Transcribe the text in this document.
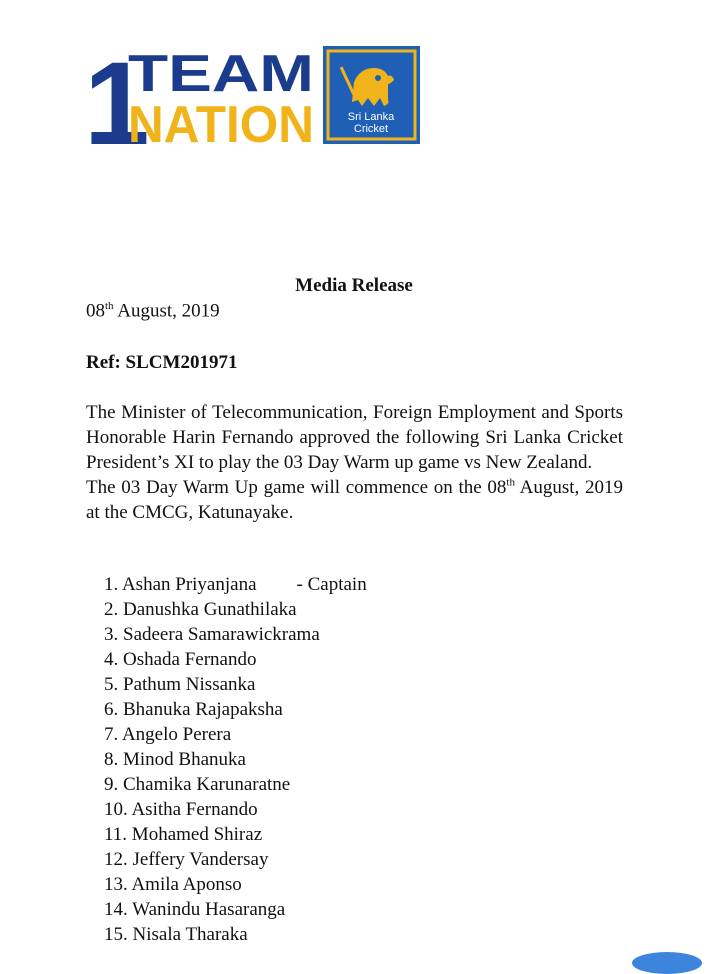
1
TEAM
NATION	Sri Lanka
Cricket
Media Release
08th August, 2019
Ref: SLCM201971

The Minister of Telecommunication, Foreign Employment and Sports Honorable Harin Fernando approved the following Sri Lanka Cricket President’s XI to play the 03 Day Warm up game vs New Zealand.

The 03 Day Warm Up game will commence on the 08th August, 2019 at the CMCG, Katunayake.

1. Ashan Priyanjana - Captain
2. Danushka Gunathilaka
3. Sadeera Samarawickrama
4. Oshada Fernando
5. Pathum Nissanka
6. Bhanuka Rajapaksha
7. Angelo Perera
8. Minod Bhanuka
9. Chamika Karunaratne
10. Asitha Fernando
11. Mohamed Shiraz
12. Jeffery Vandersay
13. Amila Aponso
14. Wanindu Hasaranga
15. Nisala Tharaka
